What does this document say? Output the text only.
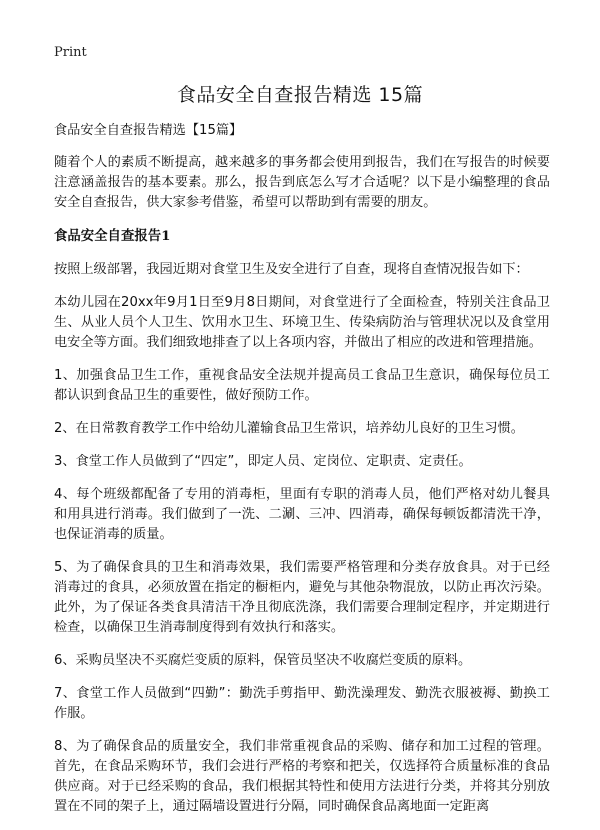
Print
食品安全自查报告精选 15篇

食品安全自查报告精选【15篇】

随着个人的素质不断提高，越来越多的事务都会使用到报告，我们在写报告的时候要注意涵盖报告的基本要素。那么，报告到底怎么写才合适呢？以下是小编整理的食品安全自查报告，供大家参考借鉴，希望可以帮助到有需要的朋友。

食品安全自查报告1

按照上级部署，我园近期对食堂卫生及安全进行了自查，现将自查情况报告如下：

本幼儿园在20xx年9月1日至9月8日期间，对食堂进行了全面检查，特别关注食品卫生、从业人员个人卫生、饮用水卫生、环境卫生、传染病防治与管理状况以及食堂用电安全等方面。我们细致地排查了以上各项内容，并做出了相应的改进和管理措施。

1、加强食品卫生工作，重视食品安全法规并提高员工食品卫生意识，确保每位员工都认识到食品卫生的重要性，做好预防工作。

2、在日常教育教学工作中给幼儿灌输食品卫生常识，培养幼儿良好的卫生习惯。

3、食堂工作人员做到了“四定”，即定人员、定岗位、定职责、定责任。

4、每个班级都配备了专用的消毒柜，里面有专职的消毒人员，他们严格对幼儿餐具和用具进行消毒。我们做到了一洗、二涮、三冲、四消毒，确保每顿饭都清洗干净，也保证消毒的质量。

5、为了确保食具的卫生和消毒效果，我们需要严格管理和分类存放食具。对于已经消毒过的食具，必须放置在指定的橱柜内，避免与其他杂物混放，以防止再次污染。此外，为了保证各类食具清洁干净且彻底洗涤，我们需要合理制定程序，并定期进行检查，以确保卫生消毒制度得到有效执行和落实。

6、采购员坚决不买腐烂变质的原料，保管员坚决不收腐烂变质的原料。

7、食堂工作人员做到“四勤”：勤洗手剪指甲、勤洗澡理发、勤洗衣服被褥、勤换工作服。

8、为了确保食品的质量安全，我们非常重视食品的采购、储存和加工过程的管理。首先，在食品采购环节，我们会进行严格的考察和把关，仅选择符合质量标准的食品供应商。对于已经采购的食品，我们根据其特性和使用方法进行分类，并将其分别放置在不同的架子上，通过隔墙设置进行分隔，同时确保食品离地面一定距离
